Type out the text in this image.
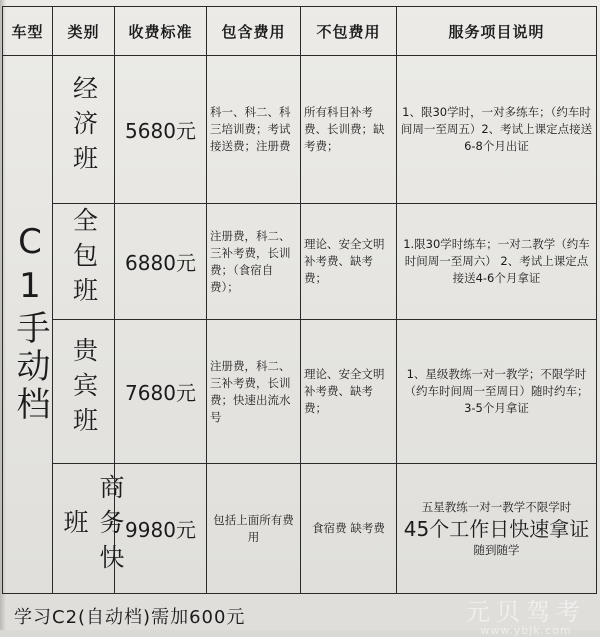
车型	类别	收费标准	包含费用	不包费用	服务项目说明
C1手动档	经济班	5680元	科一、科二、科三培训费；考试接送费；注册费	所有科目补考费、长训费；缺考费；	1、限30学时，一对多练车；（约车时间周一至周五）2、考试上课定点接送6-8个月出证
	全包班	6880元	注册费，科二、三补考费，长训费；（食宿自费）；	理论、安全文明补考费、缺考费；	1.限30学时练车；一对二教学（约车时间周一至周六） 2、考试上课定点接送4-6个月拿证
	贵宾班	7680元	注册费，科二、三补考费，长训费；快速出流水号	理论、安全文明补考费、缺考费；	1、星级教练一对一教学；不限学时（约车时间周一至周日）随时约车；3-5个月拿证
	商务快班	9980元	包括上面所有费用	食宿费 缺考费	五星教练一对一教学不限学时
45个工作日快速拿证
随到随学
学习C2(自动档)需加600元	元贝驾考
www.ybjk.com
